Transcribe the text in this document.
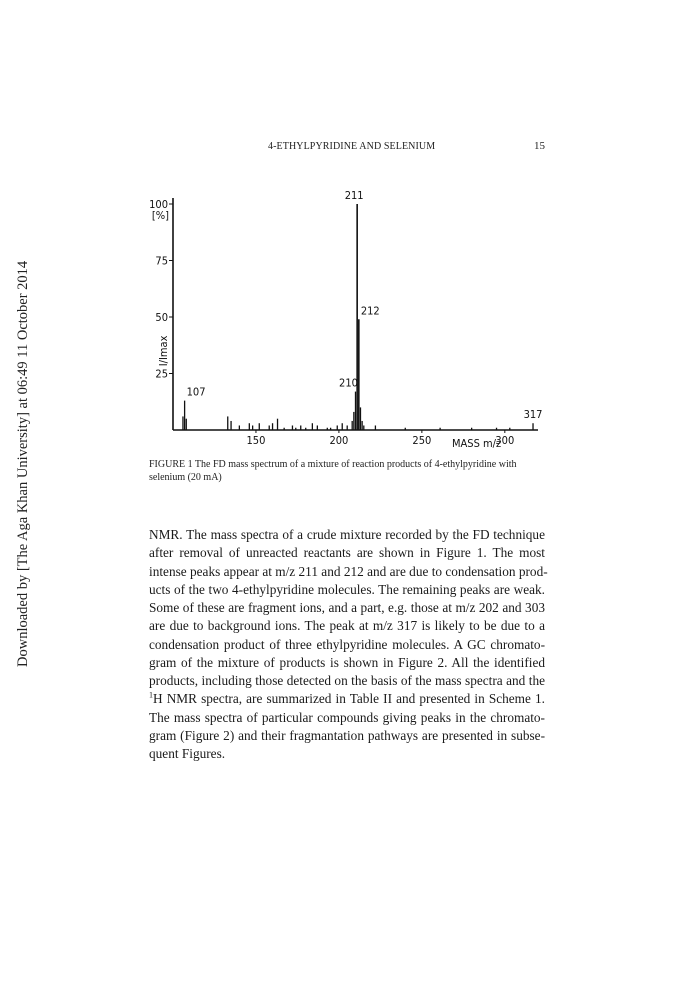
Downloaded by [The Aga Khan University] at 06:49 11 October 2014
4-ETHYLPYRIDINE AND SELENIUM	15
100
75
50
25
[%]
I/Imax
150	200	250	300
MASS m/z
107
210
211
212
317
FIGURE 1 The FD mass spectrum of a mixture of reaction products of 4-ethylpyridine with selenium (20 mA)
NMR. The mass spectra of a crude mixture recorded by the FD technique
after removal of unreacted reactants are shown in Figure 1. The most
intense peaks appear at m/z 211 and 212 and are due to condensation prod-
ucts of the two 4-ethylpyridine molecules. The remaining peaks are weak.
Some of these are fragment ions, and a part, e.g. those at m/z 202 and 303
are due to background ions. The peak at m/z 317 is likely to be due to a
condensation product of three ethylpyridine molecules. A GC chromato-
gram of the mixture of products is shown in Figure 2. All the identified
products, including those detected on the basis of the mass spectra and the
$^1$H NMR spectra, are summarized in Table II and presented in Scheme 1.
The mass spectra of particular compounds giving peaks in the chromato-
gram (Figure 2) and their fragmantation pathways are presented in subse-
quent Figures.
